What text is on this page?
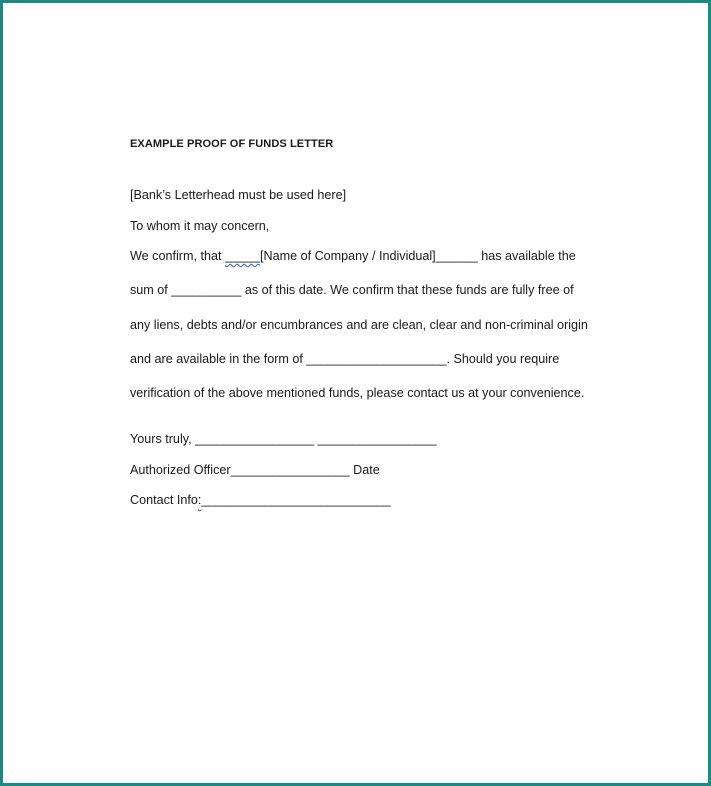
EXAMPLE PROOF OF FUNDS LETTER
[Bank’s Letterhead must be used here]
To whom it may concern,
We confirm, that _____[Name of Company / Individual]______ has available the
sum of __________ as of this date. We confirm that these funds are fully free of
any liens, debts and/or encumbrances and are clean, clear and non-criminal origin
and are available in the form of ____________________. Should you require
verification of the above mentioned funds, please contact us at your convenience.
Yours truly, _________________ _________________
Authorized Officer_________________ Date
Contact Info:___________________________
